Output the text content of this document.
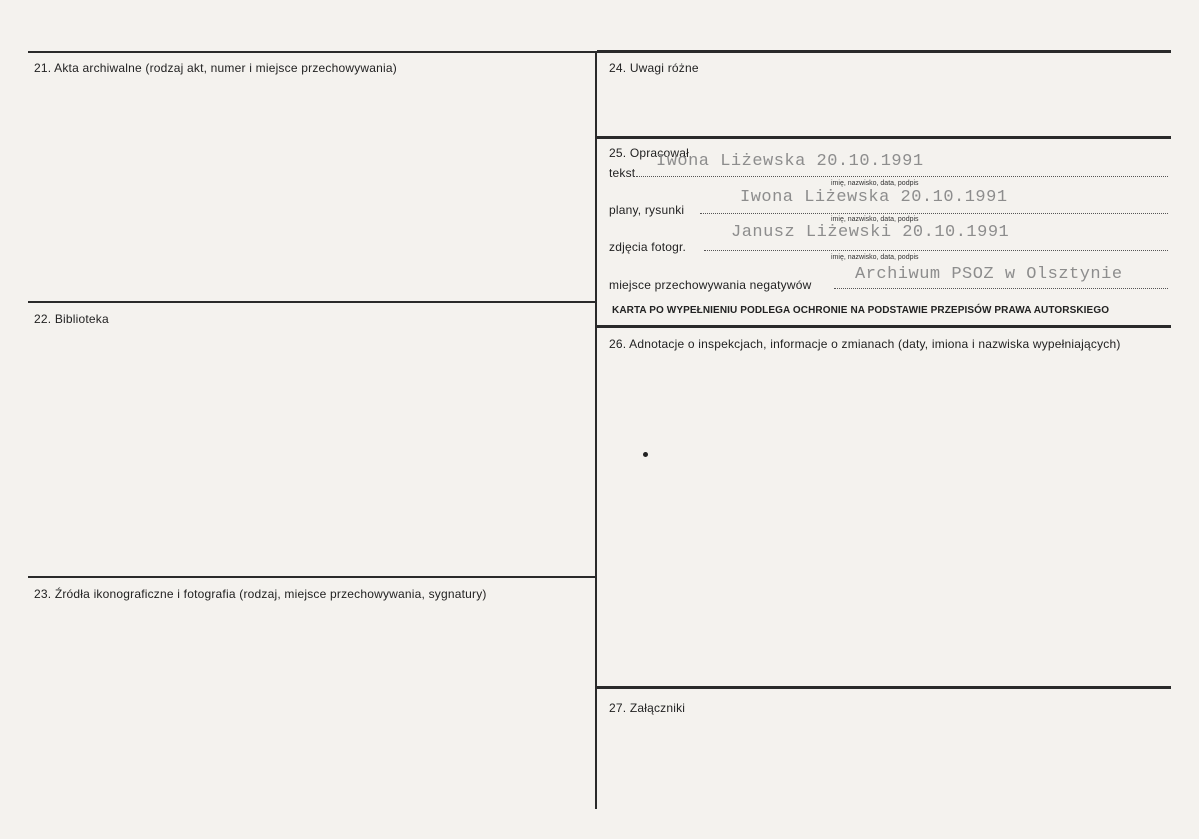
21. Akta archiwalne (rodzaj akt, numer i miejsce przechowywania)
22. Biblioteka
23. Źródła ikonograficzne i fotografia (rodzaj, miejsce przechowywania, sygnatury)
24. Uwagi różne
25. Opracował
26. Adnotacje o inspekcjach, informacje o zmianach (daty, imiona i nazwiska wypełniających)
27. Załączniki
tekst
Iwona Liżewska 20.10.1991
imię, nazwisko, data, podpis
plany, rysunki
Iwona Liżewska 20.10.1991
imię, nazwisko, data, podpis
zdjęcia fotogr.
Janusz Liżewski 20.10.1991
imię, nazwisko, data, podpis
miejsce przechowywania negatywów
Archiwum PSOZ w Olsztynie
KARTA PO WYPEŁNIENIU PODLEGA OCHRONIE NA PODSTAWIE PRZEPISÓW PRAWA AUTORSKIEGO
